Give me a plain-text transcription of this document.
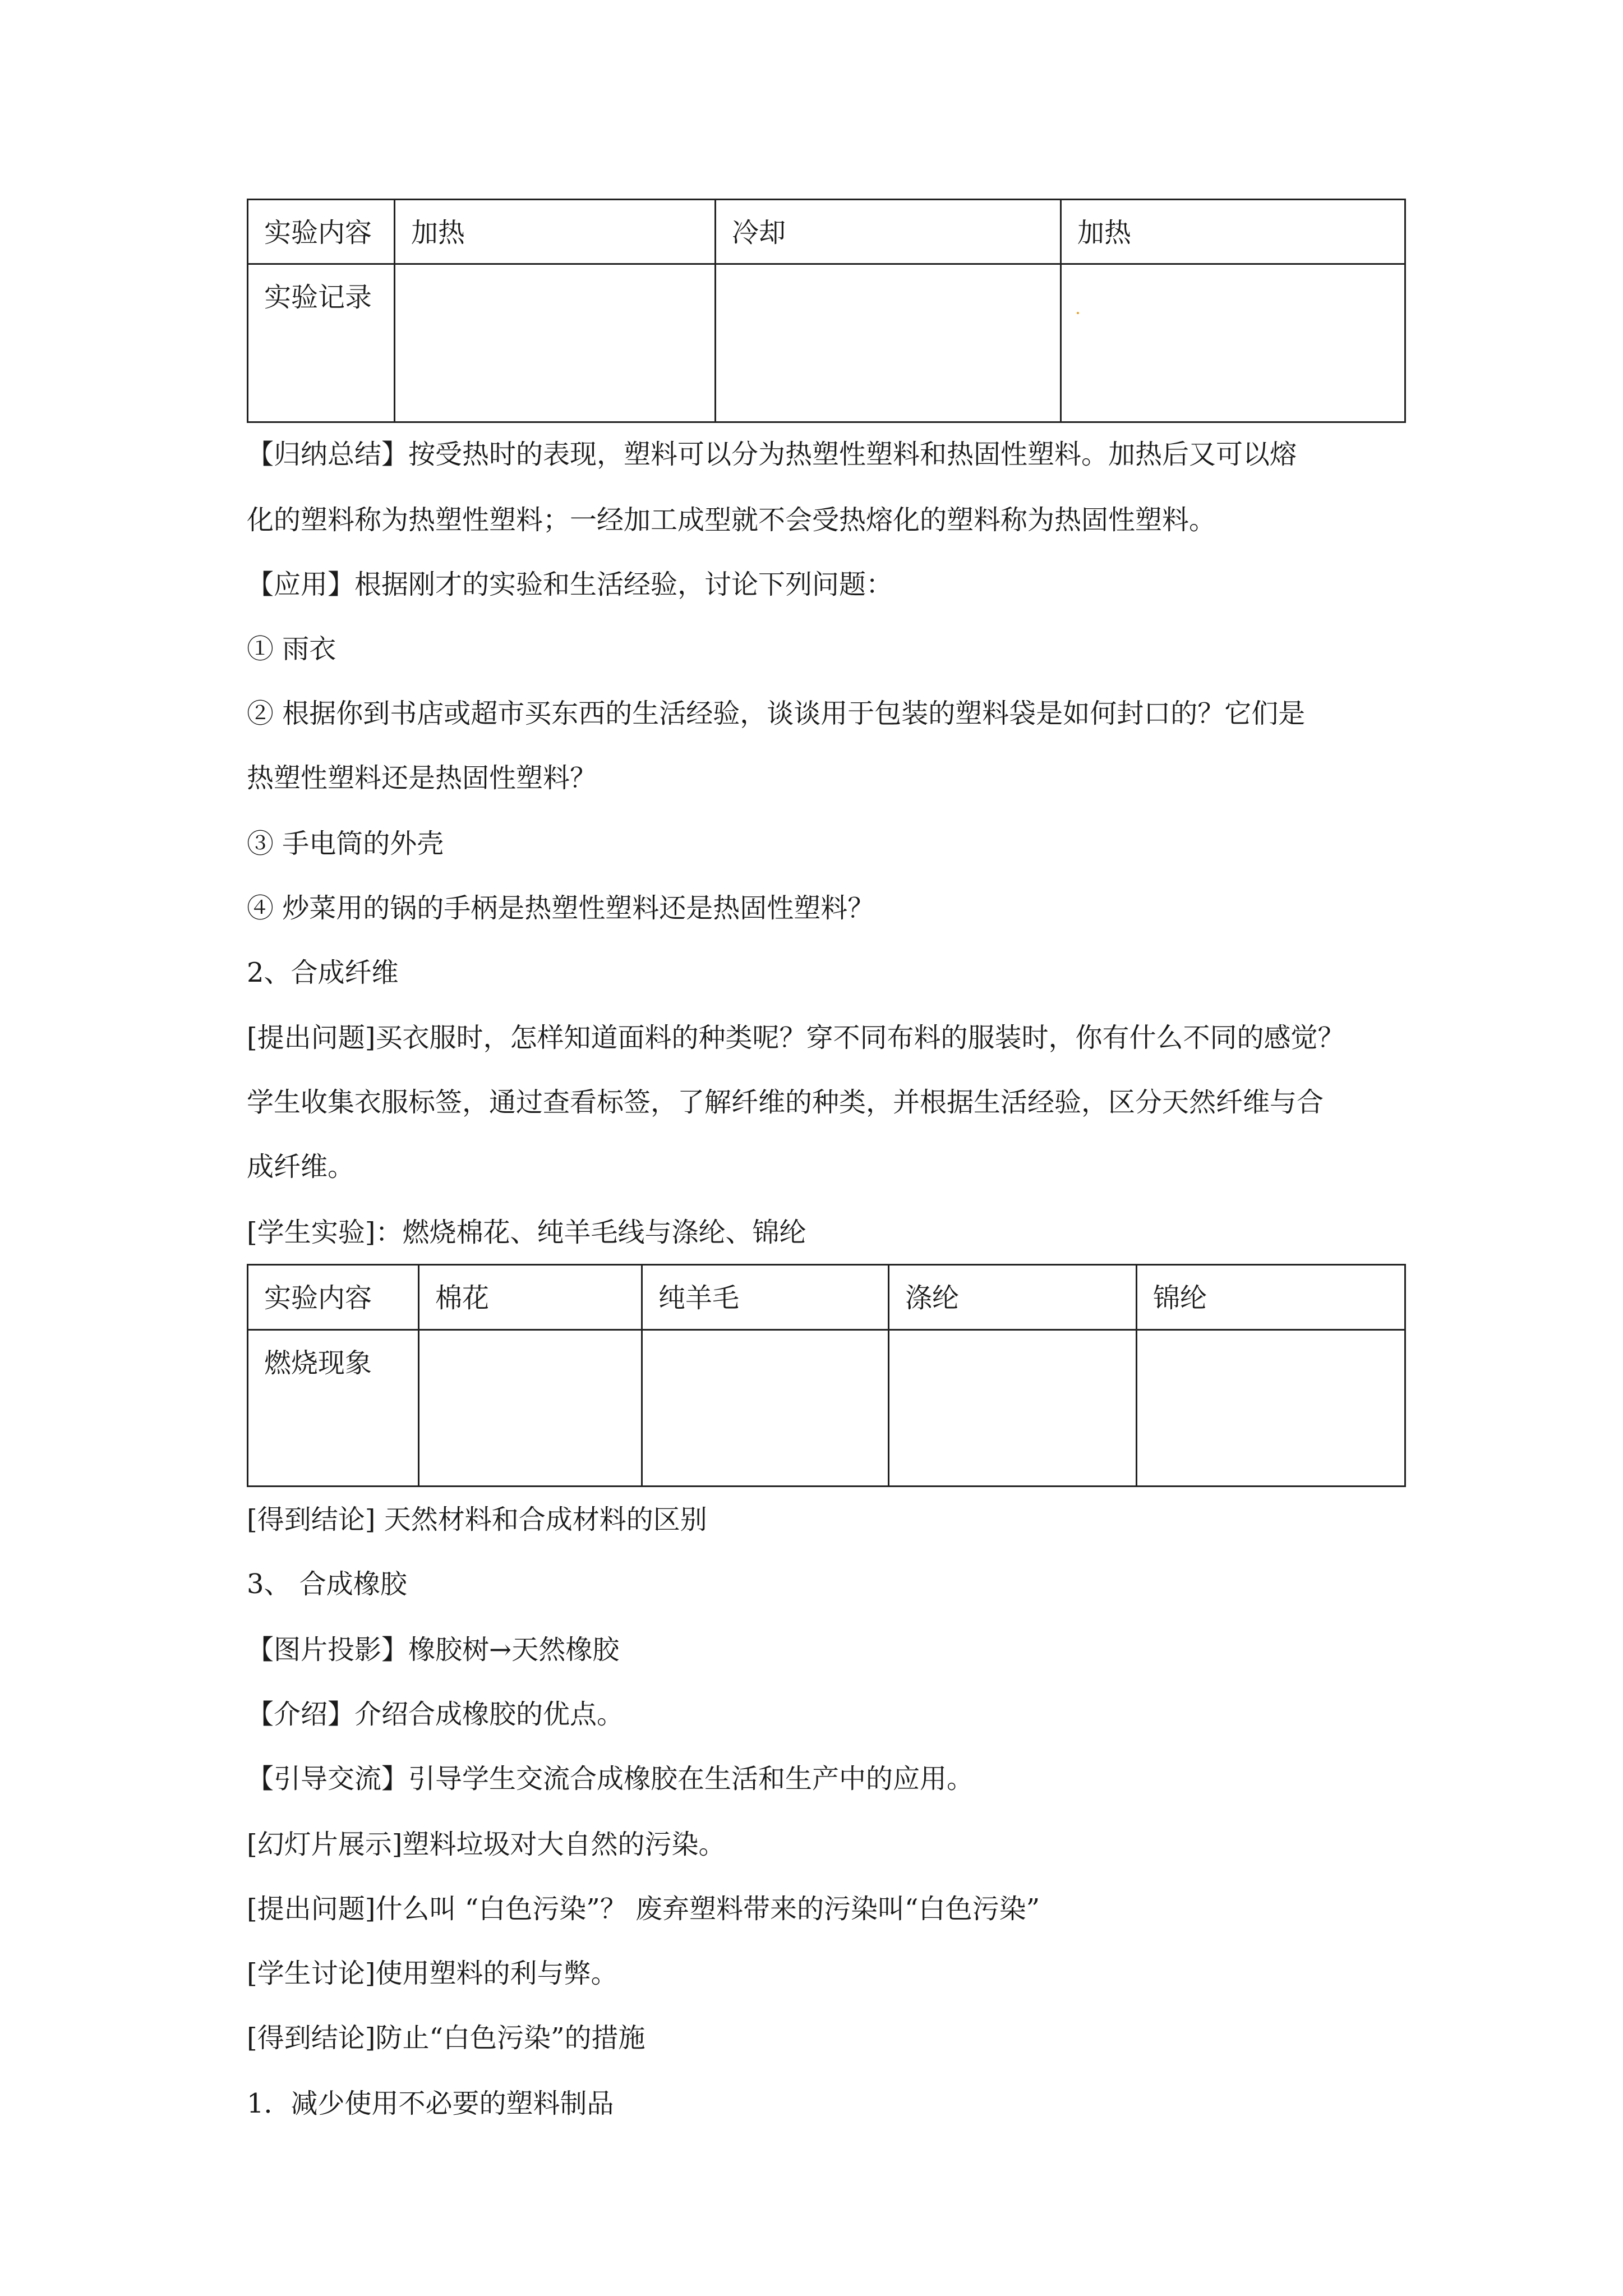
实验内容	加热	冷却	加热
实验记录			
【归纳总结】按受热时的表现，塑料可以分为热塑性塑料和热固性塑料。加热后又可以熔
化的塑料称为热塑性塑料；一经加工成型就不会受热熔化的塑料称为热固性塑料。
【应用】根据刚才的实验和生活经验，讨论下列问题：
① 雨衣
② 根据你到书店或超市买东西的生活经验，谈谈用于包装的塑料袋是如何封口的？它们是
热塑性塑料还是热固性塑料？
③ 手电筒的外壳
④ 炒菜用的锅的手柄是热塑性塑料还是热固性塑料？
2、合成纤维
[提出问题]买衣服时，怎样知道面料的种类呢？穿不同布料的服装时，你有什么不同的感觉？
学生收集衣服标签，通过查看标签，了解纤维的种类，并根据生活经验，区分天然纤维与合
成纤维。
[学生实验]：燃烧棉花、纯羊毛线与涤纶、锦纶
实验内容	棉花	纯羊毛	涤纶	锦纶
燃烧现象				
[得到结论] 天然材料和合成材料的区别
3、 合成橡胶
【图片投影】橡胶树→天然橡胶
【介绍】介绍合成橡胶的优点。
【引导交流】引导学生交流合成橡胶在生活和生产中的应用。
[幻灯片展示]塑料垃圾对大自然的污染。
[提出问题]什么叫 “白色污染”？ 废弃塑料带来的污染叫“白色污染”
[学生讨论]使用塑料的利与弊。
[得到结论]防止“白色污染”的措施
1．减少使用不必要的塑料制品
